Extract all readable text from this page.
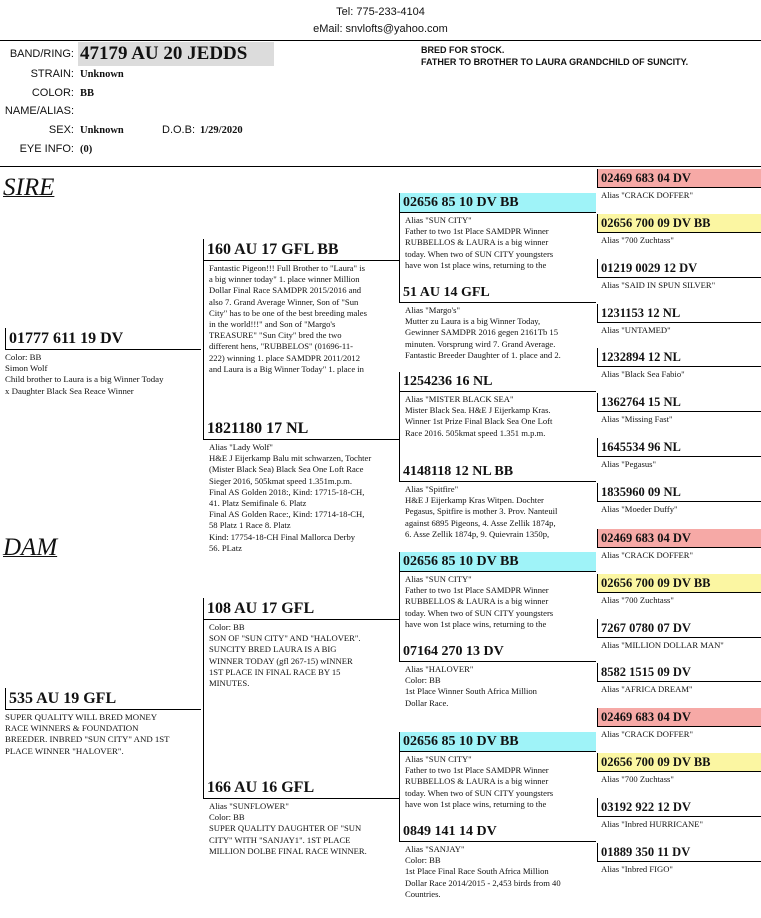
Tel: 775-233-4104
eMail: snvlofts@yahoo.com
BAND/RING: 47179 AU 20 JEDDS
STRAIN: Unknown
COLOR: BB
NAME/ALIAS:
SEX: Unknown	D.O.B: 1/29/2020
EYE INFO: (0)
BRED FOR STOCK.
FATHER TO BROTHER TO LAURA GRANDCHILD OF SUNCITY.
SIRE
DAM
01777 611 19 DV
Color: BB
Simon Wolf
Child brother to Laura is a big Winner Today
x Daughter Black Sea Reace Winner
535 AU 19 GFL
SUPER QUALITY WILL BRED MONEY
RACE WINNERS & FOUNDATION
BREEDER. INBRED "SUN CITY" AND 1ST
PLACE WINNER "HALOVER".
160 AU 17 GFL BB
Fantastic Pigeon!!! Full Brother to "Laura" is
a big winner today" 1. place winner Million
Dollar Final Race SAMDPR 2015/2016 and
also 7. Grand Average Winner, Son of "Sun
City" has to be one of the best breeding males
in the world!!!" and Son of "Margo's
TREASURE" "Sun City" bred the two
different hens, "RUBBELOS" (01696-11-
222) winning 1. place SAMDPR 2011/2012
and Laura is a Big Winner Today" 1. place in
1821180 17 NL
Alias "Lady Wolf"
H&E J Eijerkamp Balu mit schwarzen, Tochter
(Mister Black Sea) Black Sea One Loft Race
Sieger 2016, 505kmat speed 1.351m.p.m.
Final AS Golden 2018:, Kind: 17715-18-CH,
41. Platz Semifinale 6. Platz
Final AS Golden Race:, Kind: 17714-18-CH,
58 Platz 1 Race 8. Platz
Kind: 17754-18-CH Final Mallorca Derby
56. PLatz
108 AU 17 GFL
Color: BB
SON OF "SUN CITY" AND "HALOVER".
SUNCITY BRED LAURA IS A BIG
WINNER TODAY (gfl 267-15) wINNER
1ST PLACE IN FINAL RACE BY 15
MINUTES.
166 AU 16 GFL
Alias "SUNFLOWER"
Color: BB
SUPER QUALITY DAUGHTER OF "SUN
CITY" WITH "SANJAY1". 1ST PLACE
MILLION DOLBE FINAL RACE WINNER.
02656 85 10 DV BB
Alias "SUN CITY"
Father to two 1st Place SAMDPR Winner
RUBBELLOS & LAURA is a big winner
today. When two of SUN CITY youngsters
have won 1st place wins, returning to the
51 AU 14 GFL
Alias "Margo's"
Mutter zu Laura is a big Winner Today,
Gewinner SAMDPR 2016 gegen 2161Tb 15
minuten. Vorsprung wird 7. Grand Average.
Fantastic Breeder Daughter of 1. place and 2.
1254236 16 NL
Alias "MISTER BLACK SEA"
Mister Black Sea. H&E J Eijerkamp Kras.
Winner 1st Prize Final Black Sea One Loft
Race 2016. 505kmat speed 1.351 m.p.m.
4148118 12 NL BB
Alias "Spitfire"
H&E J Eijerkamp Kras Witpen. Dochter
Pegasus, Spitfire is mother 3. Prov. Nanteuil
against 6895 Pigeons, 4. Asse Zellik 1874p,
6. Asse Zellik 1874p, 9. Quievrain 1350p,
02656 85 10 DV BB
Alias "SUN CITY"
Father to two 1st Place SAMDPR Winner
RUBBELLOS & LAURA is a big winner
today. When two of SUN CITY youngsters
have won 1st place wins, returning to the
07164 270 13 DV
Alias "HALOVER"
Color: BB
1st Place Winner South Africa Million
Dollar Race.
02656 85 10 DV BB
Alias "SUN CITY"
Father to two 1st Place SAMDPR Winner
RUBBELLOS & LAURA is a big winner
today. When two of SUN CITY youngsters
have won 1st place wins, returning to the
0849 141 14 DV
Alias "SANJAY"
Color: BB
1st Place Final Race South Africa Million
Dollar Race 2014/2015 - 2,453 birds from 40
Countries.
02469 683 04 DV
Alias "CRACK DOFFER"
02656 700 09 DV BB
Alias "700 Zuchtass"
01219 0029 12 DV
Alias "SAID IN SPUN SILVER"
1231153 12 NL
Alias "UNTAMED"
1232894 12 NL
Alias "Black Sea Fabio"
1362764 15 NL
Alias "Missing Fast"
1645534 96 NL
Alias "Pegasus"
1835960 09 NL
Alias "Moeder Duffy"
02469 683 04 DV
Alias "CRACK DOFFER"
02656 700 09 DV BB
Alias "700 Zuchtass"
7267 0780 07 DV
Alias "MILLION DOLLAR MAN"
8582 1515 09 DV
Alias "AFRICA DREAM"
02469 683 04 DV
Alias "CRACK DOFFER"
02656 700 09 DV BB
Alias "700 Zuchtass"
03192 922 12 DV
Alias "Inbred HURRICANE"
01889 350 11 DV
Alias "Inbred FIGO"
